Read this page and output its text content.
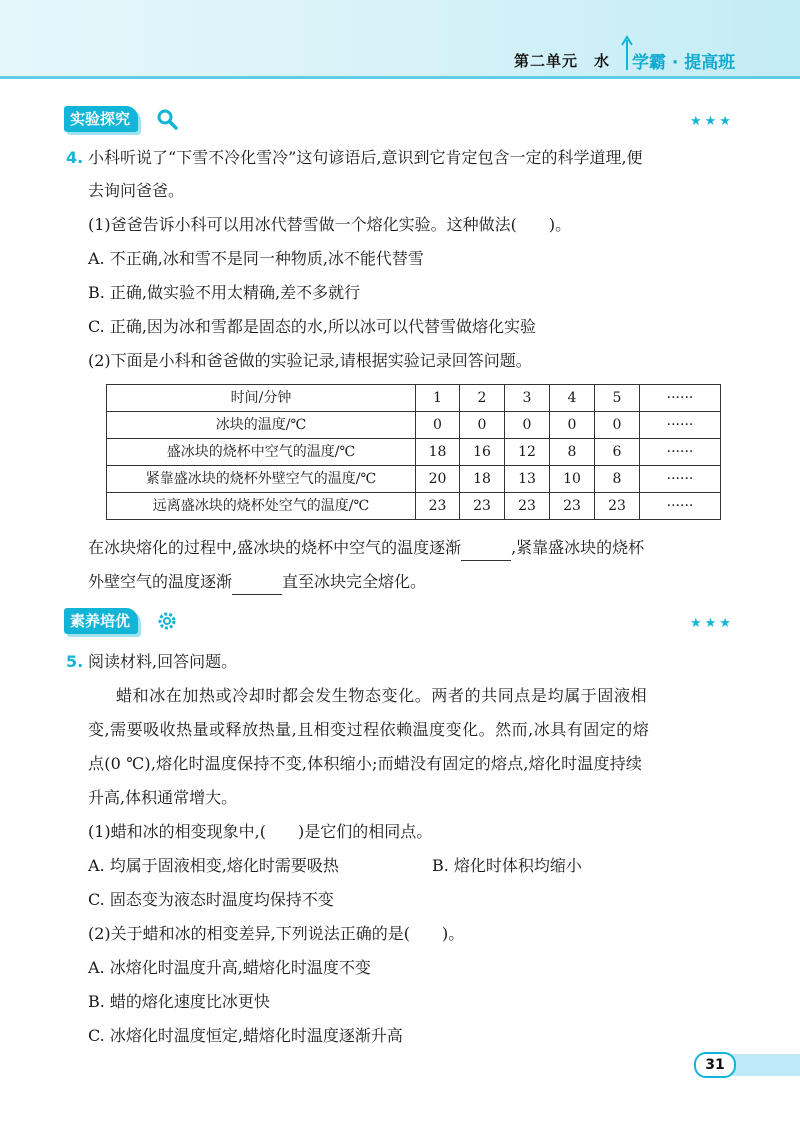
第二单元　水 学霸 · 提高班
实验探究	★★★
4. 小科听说了“下雪不冷化雪冷”这句谚语后,意识到它肯定包含一定的科学道理,便
去询问爸爸。
(1)爸爸告诉小科可以用冰代替雪做一个熔化实验。这种做法(　　)。
A. 不正确,冰和雪不是同一种物质,冰不能代替雪
B. 正确,做实验不用太精确,差不多就行
C. 正确,因为冰和雪都是固态的水,所以冰可以代替雪做熔化实验
(2)下面是小科和爸爸做的实验记录,请根据实验记录回答问题。
时间/分钟	1	2	3	4	5	······
冰块的温度/℃	0	0	0	0	0	······
盛冰块的烧杯中空气的温度/℃	18	16	12	8	6	······
紧靠盛冰块的烧杯外壁空气的温度/℃	20	18	13	10	8	······
远离盛冰块的烧杯处空气的温度/℃	23	23	23	23	23	······
在冰块熔化的过程中,盛冰块的烧杯中空气的温度逐渐	,紧靠盛冰块的烧杯
外壁空气的温度逐渐	直至冰块完全熔化。
素养培优	★★★
5. 阅读材料,回答问题。
蜡和冰在加热或冷却时都会发生物态变化。两者的共同点是均属于固液相
变,需要吸收热量或释放热量,且相变过程依赖温度变化。然而,冰具有固定的熔
点(0 ℃),熔化时温度保持不变,体积缩小;而蜡没有固定的熔点,熔化时温度持续
升高,体积通常增大。
(1)蜡和冰的相变现象中,(　　)是它们的相同点。
A. 均属于固液相变,熔化时需要吸热	B. 熔化时体积均缩小
C. 固态变为液态时温度均保持不变
(2)关于蜡和冰的相变差异,下列说法正确的是(　　)。
A. 冰熔化时温度升高,蜡熔化时温度不变
B. 蜡的熔化速度比冰更快
C. 冰熔化时温度恒定,蜡熔化时温度逐渐升高
31
